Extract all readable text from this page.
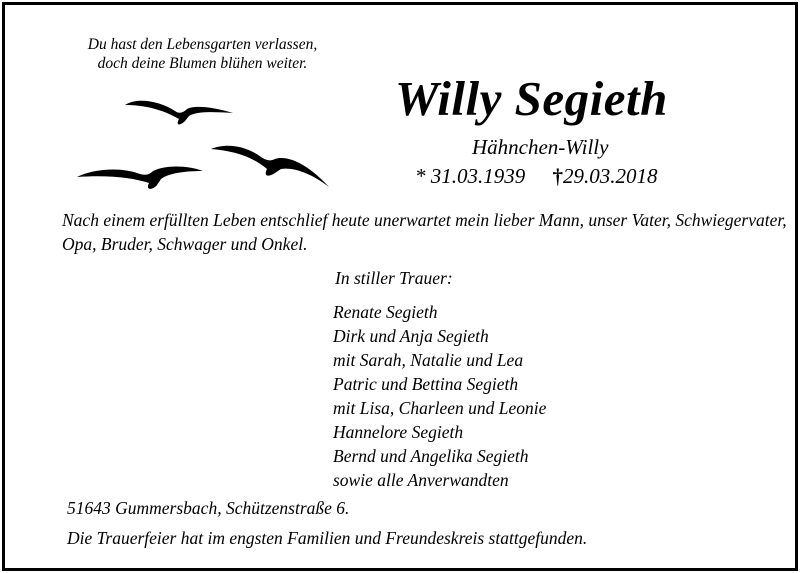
Du hast den Lebensgarten verlassen,
doch deine Blumen blühen weiter.
Willy Segieth
Hähnchen-Willy
* 31.03.1939 †29.03.2018
Nach einem erfüllten Leben entschlief heute unerwartet mein lieber Mann, unser Vater, Schwiegervater, Opa, Bruder, Schwager und Onkel.
In stiller Trauer:
Renate Segieth
Dirk und Anja Segieth
mit Sarah, Natalie und Lea
Patric und Bettina Segieth
mit Lisa, Charleen und Leonie
Hannelore Segieth
Bernd und Angelika Segieth
sowie alle Anverwandten
51643 Gummersbach, Schützenstraße 6.
Die Trauerfeier hat im engsten Familien und Freundeskreis stattgefunden.
